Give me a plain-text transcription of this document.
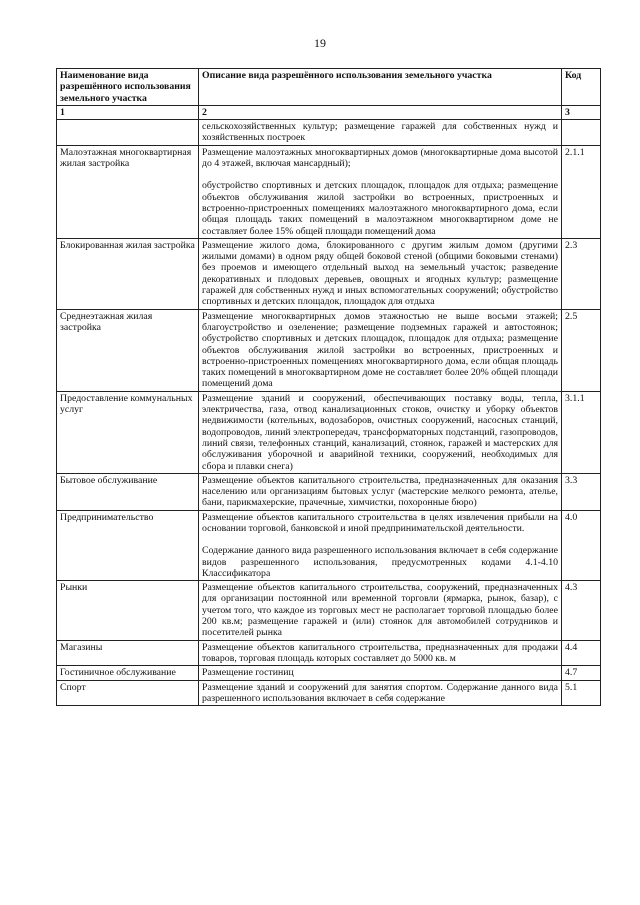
19
Наименование вида разрешённого использования земельного участка	Описание вида разрешённого использования земельного участка	Код
1	2	3

	сельскохозяйственных культур; размещение гаражей для собственных нужд и хозяйственных построек	

Малоэтажная многоквартирная жилая застройка	Размещение малоэтажных многоквартирных домов (многоквартирные дома высотой до 4 этажей, включая мансардный);

обустройство спортивных и детских площадок, площадок для отдыха; размещение объектов обслуживания жилой застройки во встроенных, пристроенных и встроенно-пристроенных помещениях малоэтажного многоквартирного дома, если общая площадь таких помещений в малоэтажном многоквартирном доме не составляет более 15% общей площади помещений дома	2.1.1
Блокированная жилая застройка	Размещение жилого дома, блокированного с другим жилым домом (другими жилыми домами) в одном ряду общей боковой стеной (общими боковыми стенами) без проемов и имеющего отдельный выход на земельный участок; разведение декоративных и плодовых деревьев, овощных и ягодных культур; размещение гаражей для собственных нужд и иных вспомогательных сооружений; обустройство спортивных и детских площадок, площадок для отдыха	2.3
Среднеэтажная жилая застройка	Размещение многоквартирных домов этажностью не выше восьми этажей; благоустройство и озеленение; размещение подземных гаражей и автостоянок; обустройство спортивных и детских площадок, площадок для отдыха; размещение объектов обслуживания жилой застройки во встроенных, пристроенных и встроенно-пристроенных помещениях многоквартирного дома, если общая площадь таких помещений в многоквартирном доме не составляет более 20% общей площади помещений дома	2.5
Предоставление коммунальных услуг	Размещение зданий и сооружений, обеспечивающих поставку воды, тепла, электричества, газа, отвод канализационных стоков, очистку и уборку объектов недвижимости (котельных, водозаборов, очистных сооружений, насосных станций, водопроводов, линий электропередач, трансформаторных подстанций, газопроводов, линий связи, телефонных станций, канализаций, стоянок, гаражей и мастерских для обслуживания уборочной и аварийной техники, сооружений, необходимых для сбора и плавки снега)	3.1.1
Бытовое обслуживание	Размещение объектов капитального строительства, предназначенных для оказания населению или организациям бытовых услуг (мастерские мелкого ремонта, ателье, бани, парикмахерские, прачечные, химчистки, похоронные бюро)	3.3
Предпринимательство	Размещение объектов капитального строительства в целях извлечения прибыли на основании торговой, банковской и иной предпринимательской деятельности.

Содержание данного вида разрешенного использования включает в себя содержание видов разрешенного использования, предусмотренных кодами 4.1-4.10 Классификатора	4.0
Рынки	Размещение объектов капитального строительства, сооружений, предназначенных для организации постоянной или временной торговли (ярмарка, рынок, базар), с учетом того, что каждое из торговых мест не располагает торговой площадью более 200 кв.м; размещение гаражей и (или) стоянок для автомобилей сотрудников и посетителей рынка	4.3
Магазины	Размещение объектов капитального строительства, предназначенных для продажи товаров, торговая площадь которых составляет до 5000 кв. м	4.4
Гостиничное обслуживание	Размещение гостиниц	4.7
Спорт	Размещение зданий и сооружений для занятия спортом. Содержание данного вида разрешенного использования включает в себя содержание	5.1
